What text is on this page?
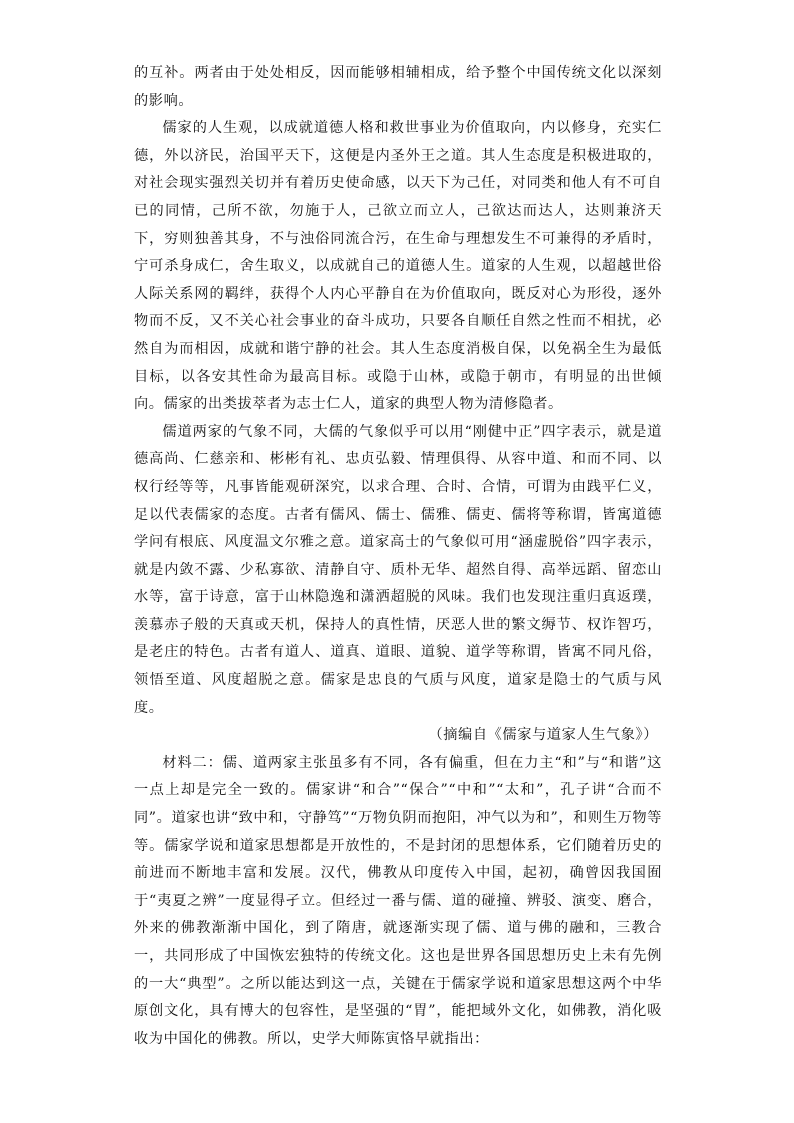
的互补。两者由于处处相反，因而能够相辅相成，给予整个中国传统文化以深刻的影响。

儒家的人生观，以成就道德人格和救世事业为价值取向，内以修身，充实仁德，外以济民，治国平天下，这便是内圣外王之道。其人生态度是积极进取的，对社会现实强烈关切并有着历史使命感，以天下为己任，对同类和他人有不可自已的同情，己所不欲，勿施于人，己欲立而立人，己欲达而达人，达则兼济天下，穷则独善其身，不与浊俗同流合污，在生命与理想发生不可兼得的矛盾时，宁可杀身成仁，舍生取义，以成就自己的道德人生。道家的人生观，以超越世俗人际关系网的羁绊，获得个人内心平静自在为价值取向，既反对心为形役，逐外物而不反，又不关心社会事业的奋斗成功，只要各自顺任自然之性而不相扰，必然自为而相因，成就和谐宁静的社会。其人生态度消极自保，以免祸全生为最低目标，以各安其性命为最高目标。或隐于山林，或隐于朝市，有明显的出世倾向。儒家的出类拔萃者为志士仁人，道家的典型人物为清修隐者。

儒道两家的气象不同，大儒的气象似乎可以用“刚健中正”四字表示，就是道德高尚、仁慈亲和、彬彬有礼、忠贞弘毅、情理俱得、从容中道、和而不同、以权行经等等，凡事皆能观研深究，以求合理、合时、合情，可谓为由践平仁义，足以代表儒家的态度。古者有儒风、儒士、儒雅、儒吏、儒将等称谓，皆寓道德学问有根底、风度温文尔雅之意。道家高士的气象似可用“涵虚脱俗”四字表示，就是内敛不露、少私寡欲、清静自守、质朴无华、超然自得、高举远蹈、留恋山水等，富于诗意，富于山林隐逸和潇洒超脱的风味。我们也发现注重归真返璞，羡慕赤子般的天真或天机，保持人的真性情，厌恶人世的繁文缛节、权诈智巧，是老庄的特色。古者有道人、道真、道眼、道貌、道学等称谓，皆寓不同凡俗，领悟至道、风度超脱之意。儒家是忠良的气质与风度，道家是隐士的气质与风度。

（摘编自《儒家与道家人生气象》）

材料二：儒、道两家主张虽多有不同，各有偏重，但在力主“和”与“和谐”这一点上却是完全一致的。儒家讲“和合”“保合”“中和”“太和”，孔子讲“合而不同”。道家也讲“致中和，守静笃”“万物负阴而抱阳，冲气以为和”，和则生万物等等。儒家学说和道家思想都是开放性的，不是封闭的思想体系，它们随着历史的前进而不断地丰富和发展。汉代，佛教从印度传入中国，起初，确曾因我国囿于“夷夏之辨”一度显得孑立。但经过一番与儒、道的碰撞、辨驳、演变、磨合，外来的佛教渐渐中国化，到了隋唐，就逐渐实现了儒、道与佛的融和，三教合一，共同形成了中国恢宏独特的传统文化。这也是世界各国思想历史上未有先例的一大“典型”。之所以能达到这一点，关键在于儒家学说和道家思想这两个中华原创文化，具有博大的包容性，是坚强的“胃”，能把域外文化，如佛教，消化吸收为中国化的佛教。所以，史学大师陈寅恪早就指出：
